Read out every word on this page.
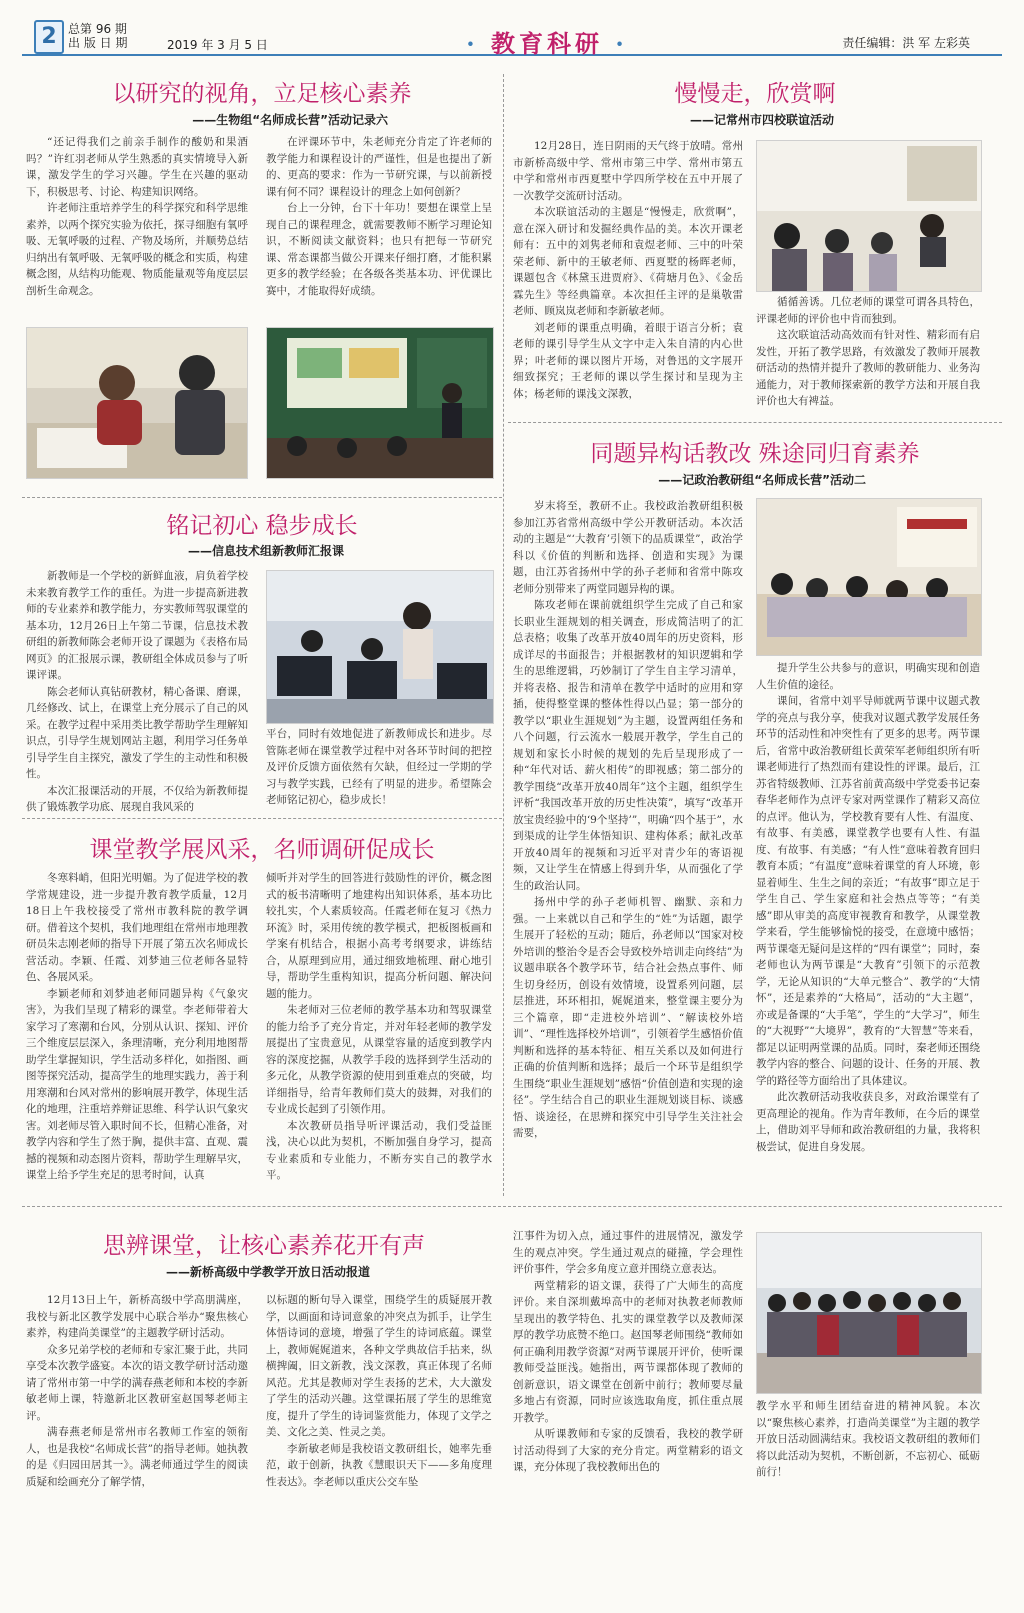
2 总第 96 期
出 版 日 期	2019 年 3 月 5 日	· 教育科研 ·	责任编辑：洪 军 左彩英
以研究的视角，立足核心素养
——生物组“名师成长营”活动记录六

“还记得我们之前亲手制作的酸奶和果酒吗？”许红羽老师从学生熟悉的真实情境导入新课，激发学生的学习兴趣。学生在兴趣的驱动下，积极思考、讨论、构建知识网络。

许老师注重培养学生的科学探究和科学思维素养，以两个探究实验为依托，探寻细胞有氧呼吸、无氧呼吸的过程、产物及场所，并顺势总结归纳出有氧呼吸、无氧呼吸的概念和实质，构建概念图，从结构功能观、物质能量观等角度层层剖析生命观念。

在评课环节中，朱老师充分肯定了许老师的教学能力和课程设计的严谨性，但是也提出了新的、更高的要求：作为一节研究课，与以前新授课有何不同？课程设计的理念上如何创新？

台上一分钟，台下十年功！要想在课堂上呈现自己的课程理念，就需要教师不断学习理论知识，不断阅读文献资料；也只有把每一节研究课、常态课都当做公开课来仔细打磨，才能积累更多的教学经验；在各级各类基本功、评优课比赛中，才能取得好成绩。

慢慢走，欣赏啊
——记常州市四校联谊活动

12月28日，连日阴雨的天气终于放晴。常州市新桥高级中学、常州市第三中学、常州市第五中学和常州市西夏墅中学四所学校在五中开展了一次教学交流研讨活动。

本次联谊活动的主题是“慢慢走，欣赏啊”，意在深入研讨和发掘经典作品的美。本次开课老师有：五中的刘隽老师和袁煜老师、三中的叶荣荣老师、新中的王敏老师、西夏墅的杨晖老师，课题包含《林黛玉进贾府》、《荷塘月色》、《金岳霖先生》等经典篇章。本次担任主评的是巢敬雷老师、顾岚岚老师和李新敏老师。

刘老师的课重点明确，着眼于语言分析；袁老师的课引导学生从文字中走入朱自清的内心世界；叶老师的课以图片开场，对鲁迅的文字展开细致探究；王老师的课以学生探讨和呈现为主体；杨老师的课浅文深教，

循循善诱。几位老师的课堂可谓各具特色，评课老师的评价也中肯而独到。

这次联谊活动高效而有针对性、精彩而有启发性，开拓了教学思路，有效激发了教师开展教研活动的热情并提升了教师的教研能力、业务沟通能力，对于教师探索新的教学方法和开展自我评价也大有裨益。

铭记初心 稳步成长
——信息技术组新教师汇报课

新教师是一个学校的新鲜血液，肩负着学校未来教育教学工作的重任。为进一步提高新进教师的专业素养和教学能力，夯实教师驾驭课堂的基本功，12月26日上午第二节课，信息技术教研组的新教师陈会老师开设了课题为《表格布局网页》的汇报展示课，教研组全体成员参与了听课评课。

陈会老师认真钻研教材，精心备课、磨课，几经修改、试上，在课堂上充分展示了自己的风采。在教学过程中采用类比教学帮助学生理解知识点，引导学生规划网站主题，利用学习任务单引导学生自主探究，激发了学生的主动性和积极性。

本次汇报课活动的开展，不仅给为新教师提供了锻炼教学功底、展现自我风采的

平台，同时有效地促进了新教师成长和进步。尽管陈老师在课堂教学过程中对各环节时间的把控及评价反馈方面依然有欠缺，但经过一学期的学习与教学实践，已经有了明显的进步。希望陈会老师铭记初心，稳步成长！

同题异构话教改 殊途同归育素养
——记政治教研组“名师成长营”活动二

岁末将至，教研不止。我校政治教研组积极参加江苏省常州高级中学公开教研活动。本次活动的主题是“‘大教育’引领下的品质课堂”，政治学科以《价值的判断和选择、创造和实现》为课题，由江苏省扬州中学的孙子老师和省常中陈攻老师分别带来了两堂同题异构的课。

陈攻老师在课前就组织学生完成了自己和家长职业生涯规划的相关调查，形成简洁明了的汇总表格；收集了改革开放40周年的历史资料，形成详尽的书面报告；并根据教材的知识逻辑和学生的思维逻辑，巧妙制订了学生自主学习清单，并将表格、报告和清单在教学中适时的应用和穿插，使得整堂课的整体性得以凸显；第一部分的教学以“职业生涯规划”为主题，设置两组任务和八个问题，行云流水一般展开教学，学生自己的规划和家长小时候的规划的先后呈现形成了一种“年代对话、薪火相传”的即视感；第二部分的教学围绕“改革开放40周年”这个主题，组织学生评析“我国改革开放的历史性决策”，填写“改革开放宝贵经验中的‘9个坚持’”，明确“四个基于”，水到渠成的让学生体悟知识、建构体系；献礼改革开放40周年的视频和习近平对青少年的寄语视频，又让学生在情感上得到升华，从而强化了学生的政治认同。

扬州中学的孙子老师机智、幽默、亲和力强。一上来就以自己和学生的“姓”为话题，跟学生展开了轻松的互动；随后，孙老师以“国家对校外培训的整治令是否会导致校外培训走向终结”为议题串联各个教学环节，结合社会热点事件、师生切身经历，创设有效情境，设置系列问题，层层推进，环环相扣，娓娓道来，整堂课主要分为三个篇章，即“走进校外培训”、“解读校外培训”、“理性选择校外培训”，引领着学生感悟价值判断和选择的基本特征、相互关系以及如何进行正确的价值判断和选择；最后一个环节是组织学生围绕“职业生涯规划”感悟“价值创造和实现的途径”。学生结合自己的职业生涯规划谈目标、谈感悟、谈途径，在思辨和探究中引导学生关注社会需要，

提升学生公共参与的意识，明确实现和创造人生价值的途径。

课间，省常中刘平导师就两节课中议题式教学的亮点与我分享，使我对议题式教学发展任务环节的活动性和冲突性有了更多的思考。两节课后，省常中政治教研组长黄荣军老师组织所有听课老师进行了热烈而有建设性的评课。最后，江苏省特级教师、江苏省前黄高级中学党委书记秦春华老师作为点评专家对两堂课作了精彩又高位的点评。他认为，学校教育要有人性、有温度、有故事、有美感，课堂教学也要有人性、有温度、有故事、有美感；“有人性”意味着教育回归教育本质；“有温度”意味着课堂的育人环境，彰显着师生、生生之间的亲近；“有故事”即立足于学生自己、学生家庭和社会热点等等；“有美感”即从审美的高度审视教育和教学，从课堂教学来看，学生能够愉悦的接受，在意境中感悟；两节课毫无疑问是这样的“四有课堂”；同时，秦老师也认为两节课是“大教育”引领下的示范教学，无论从知识的“大单元整合”、教学的“大情怀”，还是素养的“大格局”，活动的“大主题”，亦或是备课的“大手笔”，学生的“大学习”，师生的“大视野”“大境界”，教育的“大智慧”等来看，都足以证明两堂课的品质。同时，秦老师还围绕教学内容的整合、问题的设计、任务的开展、教学的路径等方面给出了具体建议。

此次教研活动我收获良多，对政治课堂有了更高理论的视角。作为青年教师，在今后的课堂上，借助刘平导师和政治教研组的力量，我将积极尝试，促进自身发展。

课堂教学展风采，名师调研促成长

冬寒料峭，但阳光明媚。为了促进学校的教学常规建设，进一步提升教育教学质量，12月18日上午我校接受了常州市教科院的教学调研。借着这个契机，我们地理组在常州市地理教研员朱志刚老师的指导下开展了第五次名师成长营活动。李颖、任霞、刘梦迪三位老师各显特色、各展风采。

李颖老师和刘梦迪老师同题异构《气象灾害》，为我们呈现了精彩的课堂。李老师带着大家学习了寒潮和台风，分别从认识、探知、评价三个维度层层深入，条理清晰，充分利用地图帮助学生掌握知识，学生活动多样化，如指图、画图等探究活动，提高学生的地理实践力，善于利用寒潮和台风对常州的影响展开教学，体现生活化的地理，注重培养辩证思维、科学认识气象灾害。刘老师尽管入职时间不长，但精心准备，对教学内容和学生了然于胸，提供丰富、直观、震撼的视频和动态图片资料，帮助学生理解旱灾，课堂上给予学生充足的思考时间，认真

倾听并对学生的回答进行鼓励性的评价，概念图式的板书清晰明了地建构出知识体系，基本功比较扎实，个人素质较高。任霞老师在复习《热力环流》时，采用传统的教学模式，把板图板画和学案有机结合，根据小高考考纲要求，讲练结合，从原理到应用，通过细致地梳理、耐心地引导，帮助学生重构知识，提高分析问题、解决问题的能力。

朱老师对三位老师的教学基本功和驾驭课堂的能力给予了充分肯定，并对年轻老师的教学发展提出了宝贵意见，从课堂容量的适度到教学内容的深度挖掘，从教学手段的选择到学生活动的多元化，从教学资源的使用到重难点的突破，均详细指导，给青年教师们莫大的鼓舞，对我们的专业成长起到了引领作用。

本次教研员指导听评课活动，我们受益匪浅，决心以此为契机，不断加强自身学习，提高专业素质和专业能力，不断夯实自己的教学水平。

思辨课堂，让核心素养花开有声
——新桥高级中学教学开放日活动报道

12月13日上午，新桥高级中学高朋满座，我校与新北区教学发展中心联合举办“聚焦核心素养，构建尚美课堂”的主题教学研讨活动。

众多兄弟学校的老师和专家汇聚于此，共同享受本次教学盛宴。本次的语文教学研讨活动邀请了常州市第一中学的满春燕老师和本校的李新敏老师上课，特邀新北区教研室赵国琴老师主评。

满春燕老师是常州市名教师工作室的领衔人，也是我校“名师成长营”的指导老师。她执教的是《归园田居其一》。满老师通过学生的阅读质疑和绘画充分了解学情，

以标题的断句导入课堂，围绕学生的质疑展开教学，以画面和诗词意象的冲突点为抓手，让学生体悟诗词的意境，增强了学生的诗词底蕴。课堂上，教师娓娓道来，各种文学典故信手拈来，纵横捭阖，旧文新教，浅文深教，真正体现了名师风范。尤其是教师对学生表扬的艺术，大大激发了学生的活动兴趣。这堂课拓展了学生的思维宽度，提升了学生的诗词鉴赏能力，体现了文学之美、文化之美、性灵之美。

李新敏老师是我校语文教研组长，她率先垂范，敢于创新，执教《慧眼识天下——多角度理性表达》。李老师以重庆公交车坠

江事件为切入点，通过事件的进展情况，激发学生的观点冲突。学生通过观点的碰撞，学会理性评价事件，学会多角度立意并围绕立意表达。

两堂精彩的语文课，获得了广大师生的高度评价。来自深圳戴埠高中的老师对执教老师教师呈现出的教学特色、扎实的课堂教学以及教师深厚的教学功底赞不绝口。赵国琴老师围绕“教师如何正确利用教学资源”对两节课展开评价，使听课教师受益匪浅。她指出，两节课都体现了教师的创新意识，语文课堂在创新中前行；教师要尽量多地占有资源，同时应该选取角度，抓住重点展开教学。

从听课教师和专家的反馈看，我校的教学研讨活动得到了大家的充分肯定。两堂精彩的语文课，充分体现了我校教师出色的

教学水平和师生团结奋进的精神风貌。本次以“聚焦核心素养，打造尚美课堂”为主题的教学开放日活动圆满结束。我校语文教研组的教师们将以此活动为契机，不断创新，不忘初心、砥砺前行！
